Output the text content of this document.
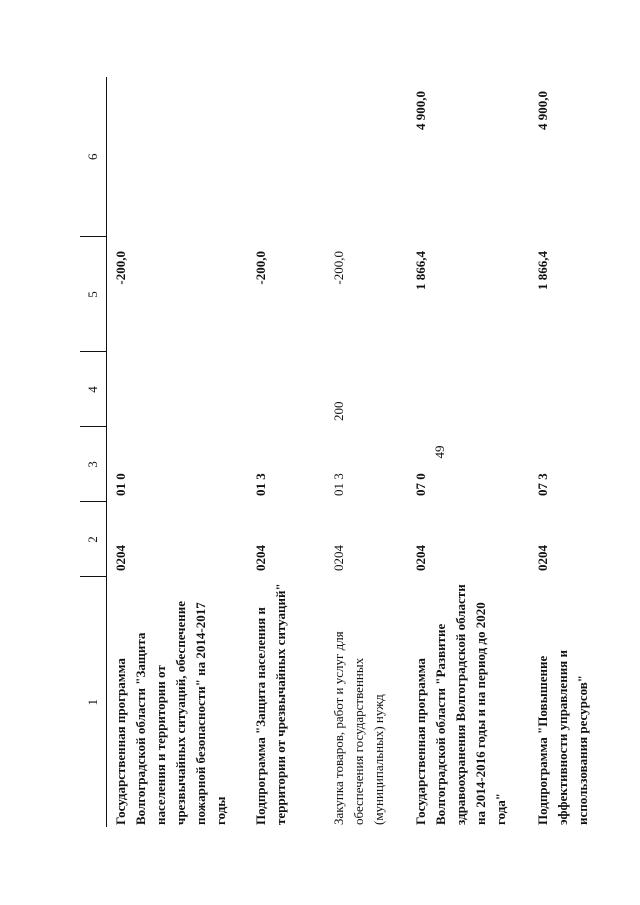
49
1	2	3	4	5	6
Государственная программа Волгоградской области "Защита населения и территории от чрезвычайных ситуаций, обеспечение пожарной безопасности" на 2014-2017 годы	0204	01 0		-200,0	
Подпрограмма "Защита населения и территории от чрезвычайных ситуаций"	0204	01 3		-200,0	
Закупка товаров, работ и услуг для обеспечения государственных (муниципальных) нужд	0204	01 3	200	-200,0	
Государственная программа Волгоградской области "Развитие здравоохранения Волгоградской области на 2014-2016 годы и на период до 2020 года"	0204	07 0		1 866,4	4 900,0
Подпрограмма "Повышение эффективности управления и использования ресурсов"	0204	07 3		1 866,4	4 900,0
